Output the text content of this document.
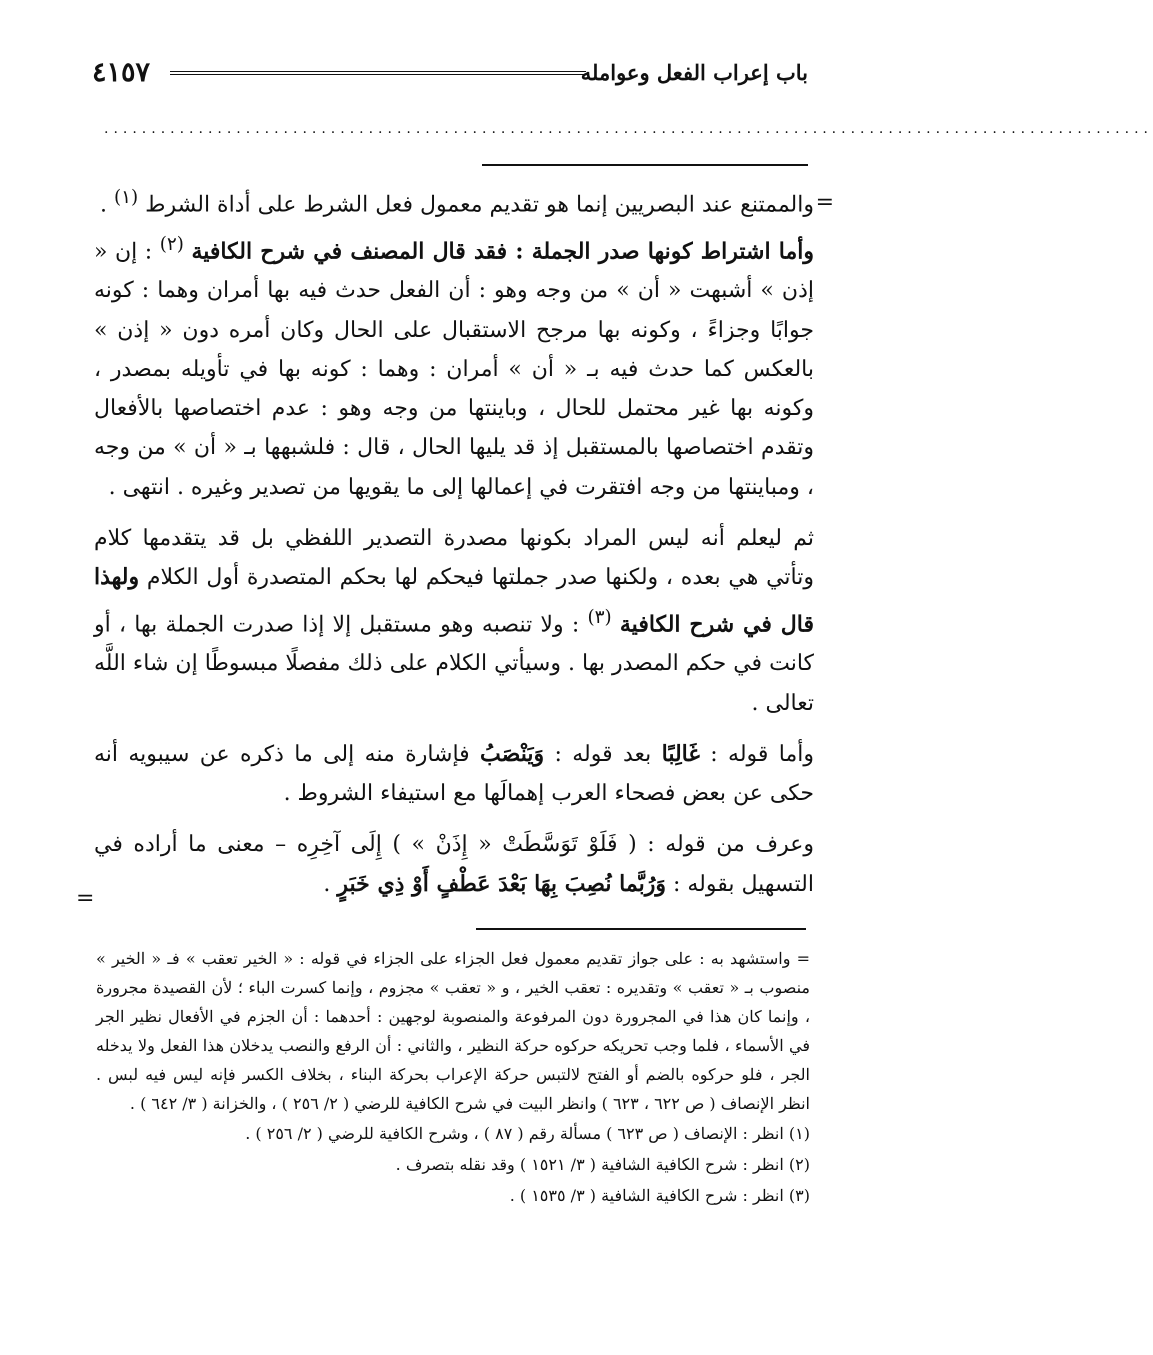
٤١٥٧	باب إعراب الفعل وعوامله
...............................................................................................................
=
=

والممتنع عند البصريين إنما هو تقديم معمول فعل الشرط على أداة الشرط $^{(١)}$ .

وأما اشتراط كونها صدر الجملة : فقد قال المصنف في شرح الكافية $^{(٢)}$ : إن « إذن » أشبهت « أن » من وجه وهو : أن الفعل حدث فيه بها أمران وهما : كونه جوابًا وجزاءً ، وكونه بها مرجح الاستقبال على الحال وكان أمره دون « إذن » بالعكس كما حدث فيه بـ « أن » أمران : وهما : كونه بها في تأويله بمصدر ، وكونه بها غير محتمل للحال ، وباينتها من وجه وهو : عدم اختصاصها بالأفعال وتقدم اختصاصها بالمستقبل إذ قد يليها الحال ، قال : فلشبهها بـ « أن » من وجه ، ومباينتها من وجه افتقرت في إعمالها إلى ما يقويها من تصدير وغيره . انتهى .

ثم ليعلم أنه ليس المراد بكونها مصدرة التصدير اللفظي بل قد يتقدمها كلام وتأتي هي بعده ، ولكنها صدر جملتها فيحكم لها بحكم المتصدرة أول الكلام ولهذا قال في شرح الكافية $^{(٣)}$ : ولا تنصبه وهو مستقبل إلا إذا صدرت الجملة بها ، أو كانت في حكم المصدر بها . وسيأتي الكلام على ذلك مفصلًا مبسوطًا إن شاء اللَّه تعالى .

وأما قوله : غَالِبًا بعد قوله : وَيَنْصَبُ فإشارة منه إلى ما ذكره عن سيبويه أنه حكى عن بعض فصحاء العرب إهمالَها مع استيفاء الشروط .

وعرف من قوله : ( فَلَوْ تَوَسَّطَتْ « إِذَنْ » ) إِلَى آخِرِه – معنى ما أراده في التسهيل بقوله : وَرُبَّما نُصِبَ بِهَا بَعْدَ عَطْفٍ أَوْ ذِي خَبَرٍ .

= واستشهد به : على جواز تقديم معمول فعل الجزاء على الجزاء في قوله : « الخير تعقب » فـ « الخير » منصوب بـ « تعقب » وتقديره : تعقب الخير ، و « تعقب » مجزوم ، وإنما كسرت الباء ؛ لأن القصيدة مجرورة ، وإنما كان هذا في المجرورة دون المرفوعة والمنصوبة لوجهين : أحدهما : أن الجزم في الأفعال نظير الجر في الأسماء ، فلما وجب تحريكه حركوه حركة النظير ، والثاني : أن الرفع والنصب يدخلان هذا الفعل ولا يدخله الجر ، فلو حركوه بالضم أو الفتح لالتبس حركة الإعراب بحركة البناء ، بخلاف الكسر فإنه ليس فيه لبس . انظر الإنصاف ( ص ٦٢٢ ، ٦٢٣ ) وانظر البيت في شرح الكافية للرضي ( ٢/ ٢٥٦ ) ، والخزانة ( ٣/ ٦٤٢ ) .

(١) انظر : الإنصاف ( ص ٦٢٣ ) مسألة رقم ( ٨٧ ) ، وشرح الكافية للرضي ( ٢/ ٢٥٦ ) .

(٢) انظر : شرح الكافية الشافية ( ٣/ ١٥٢١ ) وقد نقله بتصرف .

(٣) انظر : شرح الكافية الشافية ( ٣/ ١٥٣٥ ) .
